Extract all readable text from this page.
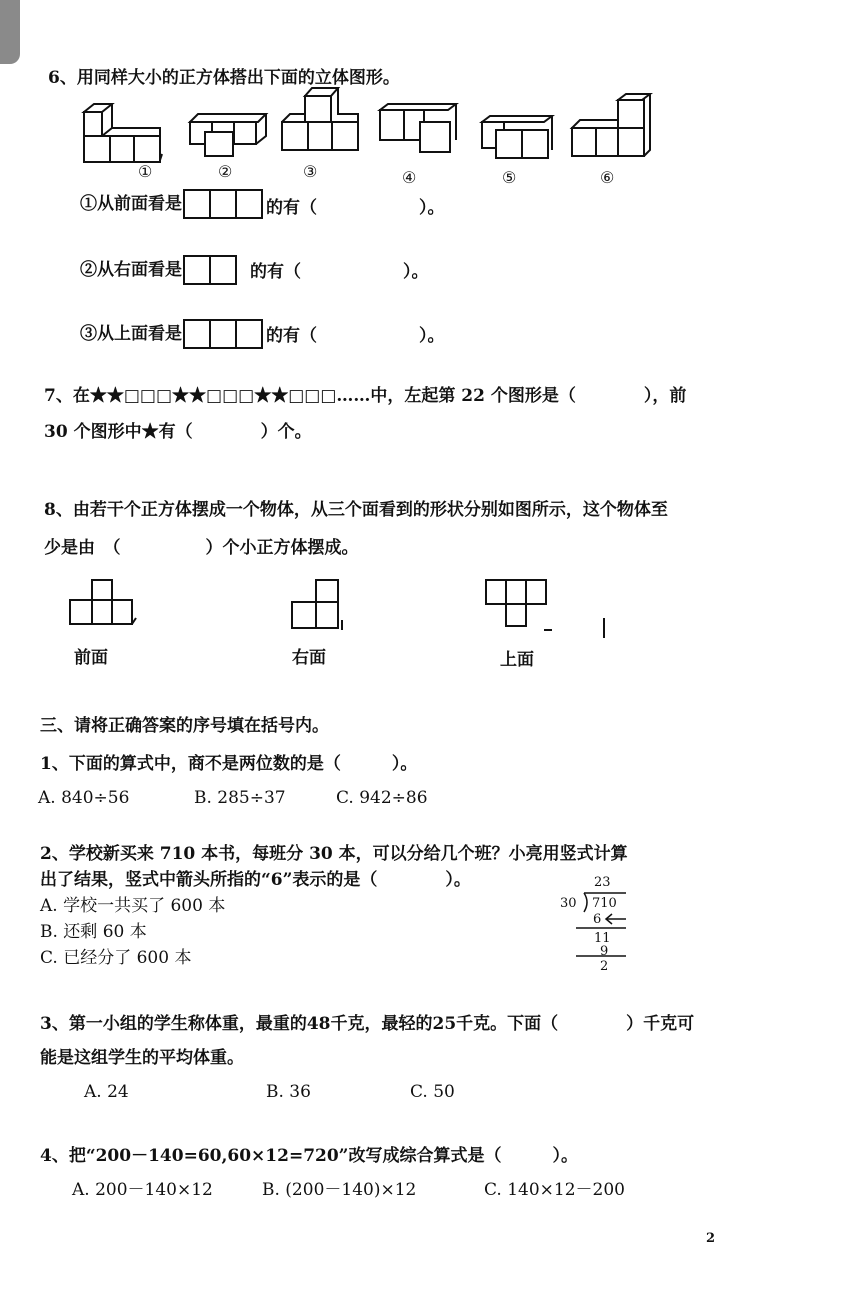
6、用同样大小的正方体搭出下面的立体图形。
①	②	③	④	⑤	⑥
①从前面看是	的有（　　　　　　）。
②从右面看是	的有（　　　　　　）。
③从上面看是	的有（　　　　　　）。
7、在★★□□□★★□□□★★□□□……中，左起第 22 个图形是（　　　　），前
30 个图形中★有（　　　　）个。
8、由若干个正方体摆成一个物体，从三个面看到的形状分别如图所示，这个物体至
少是由　（　　　　　）个小正方体摆成。
前面	右面	上面
三、请将正确答案的序号填在括号内。
1、下面的算式中，商不是两位数的是（　　　）。
A. 840÷56	B. 285÷37	C. 942÷86
2、学校新买来 710 本书，每班分 30 本，可以分给几个班？小亮用竖式计算
出了结果，竖式中箭头所指的“6”表示的是（　　　　）。
A. 学校一共买了 600 本
B. 还剩 60 本
C. 已经分了 600 本
23
30 710
6
11
9
2
3、第一小组的学生称体重，最重的48千克，最轻的25千克。下面（　　　　）千克可
能是这组学生的平均体重。
A. 24	B. 36	C. 50
4、把“200－140=60,60×12=720”改写成综合算式是（　　　）。
A. 200－140×12	B. (200－140)×12	C. 140×12－200
2
